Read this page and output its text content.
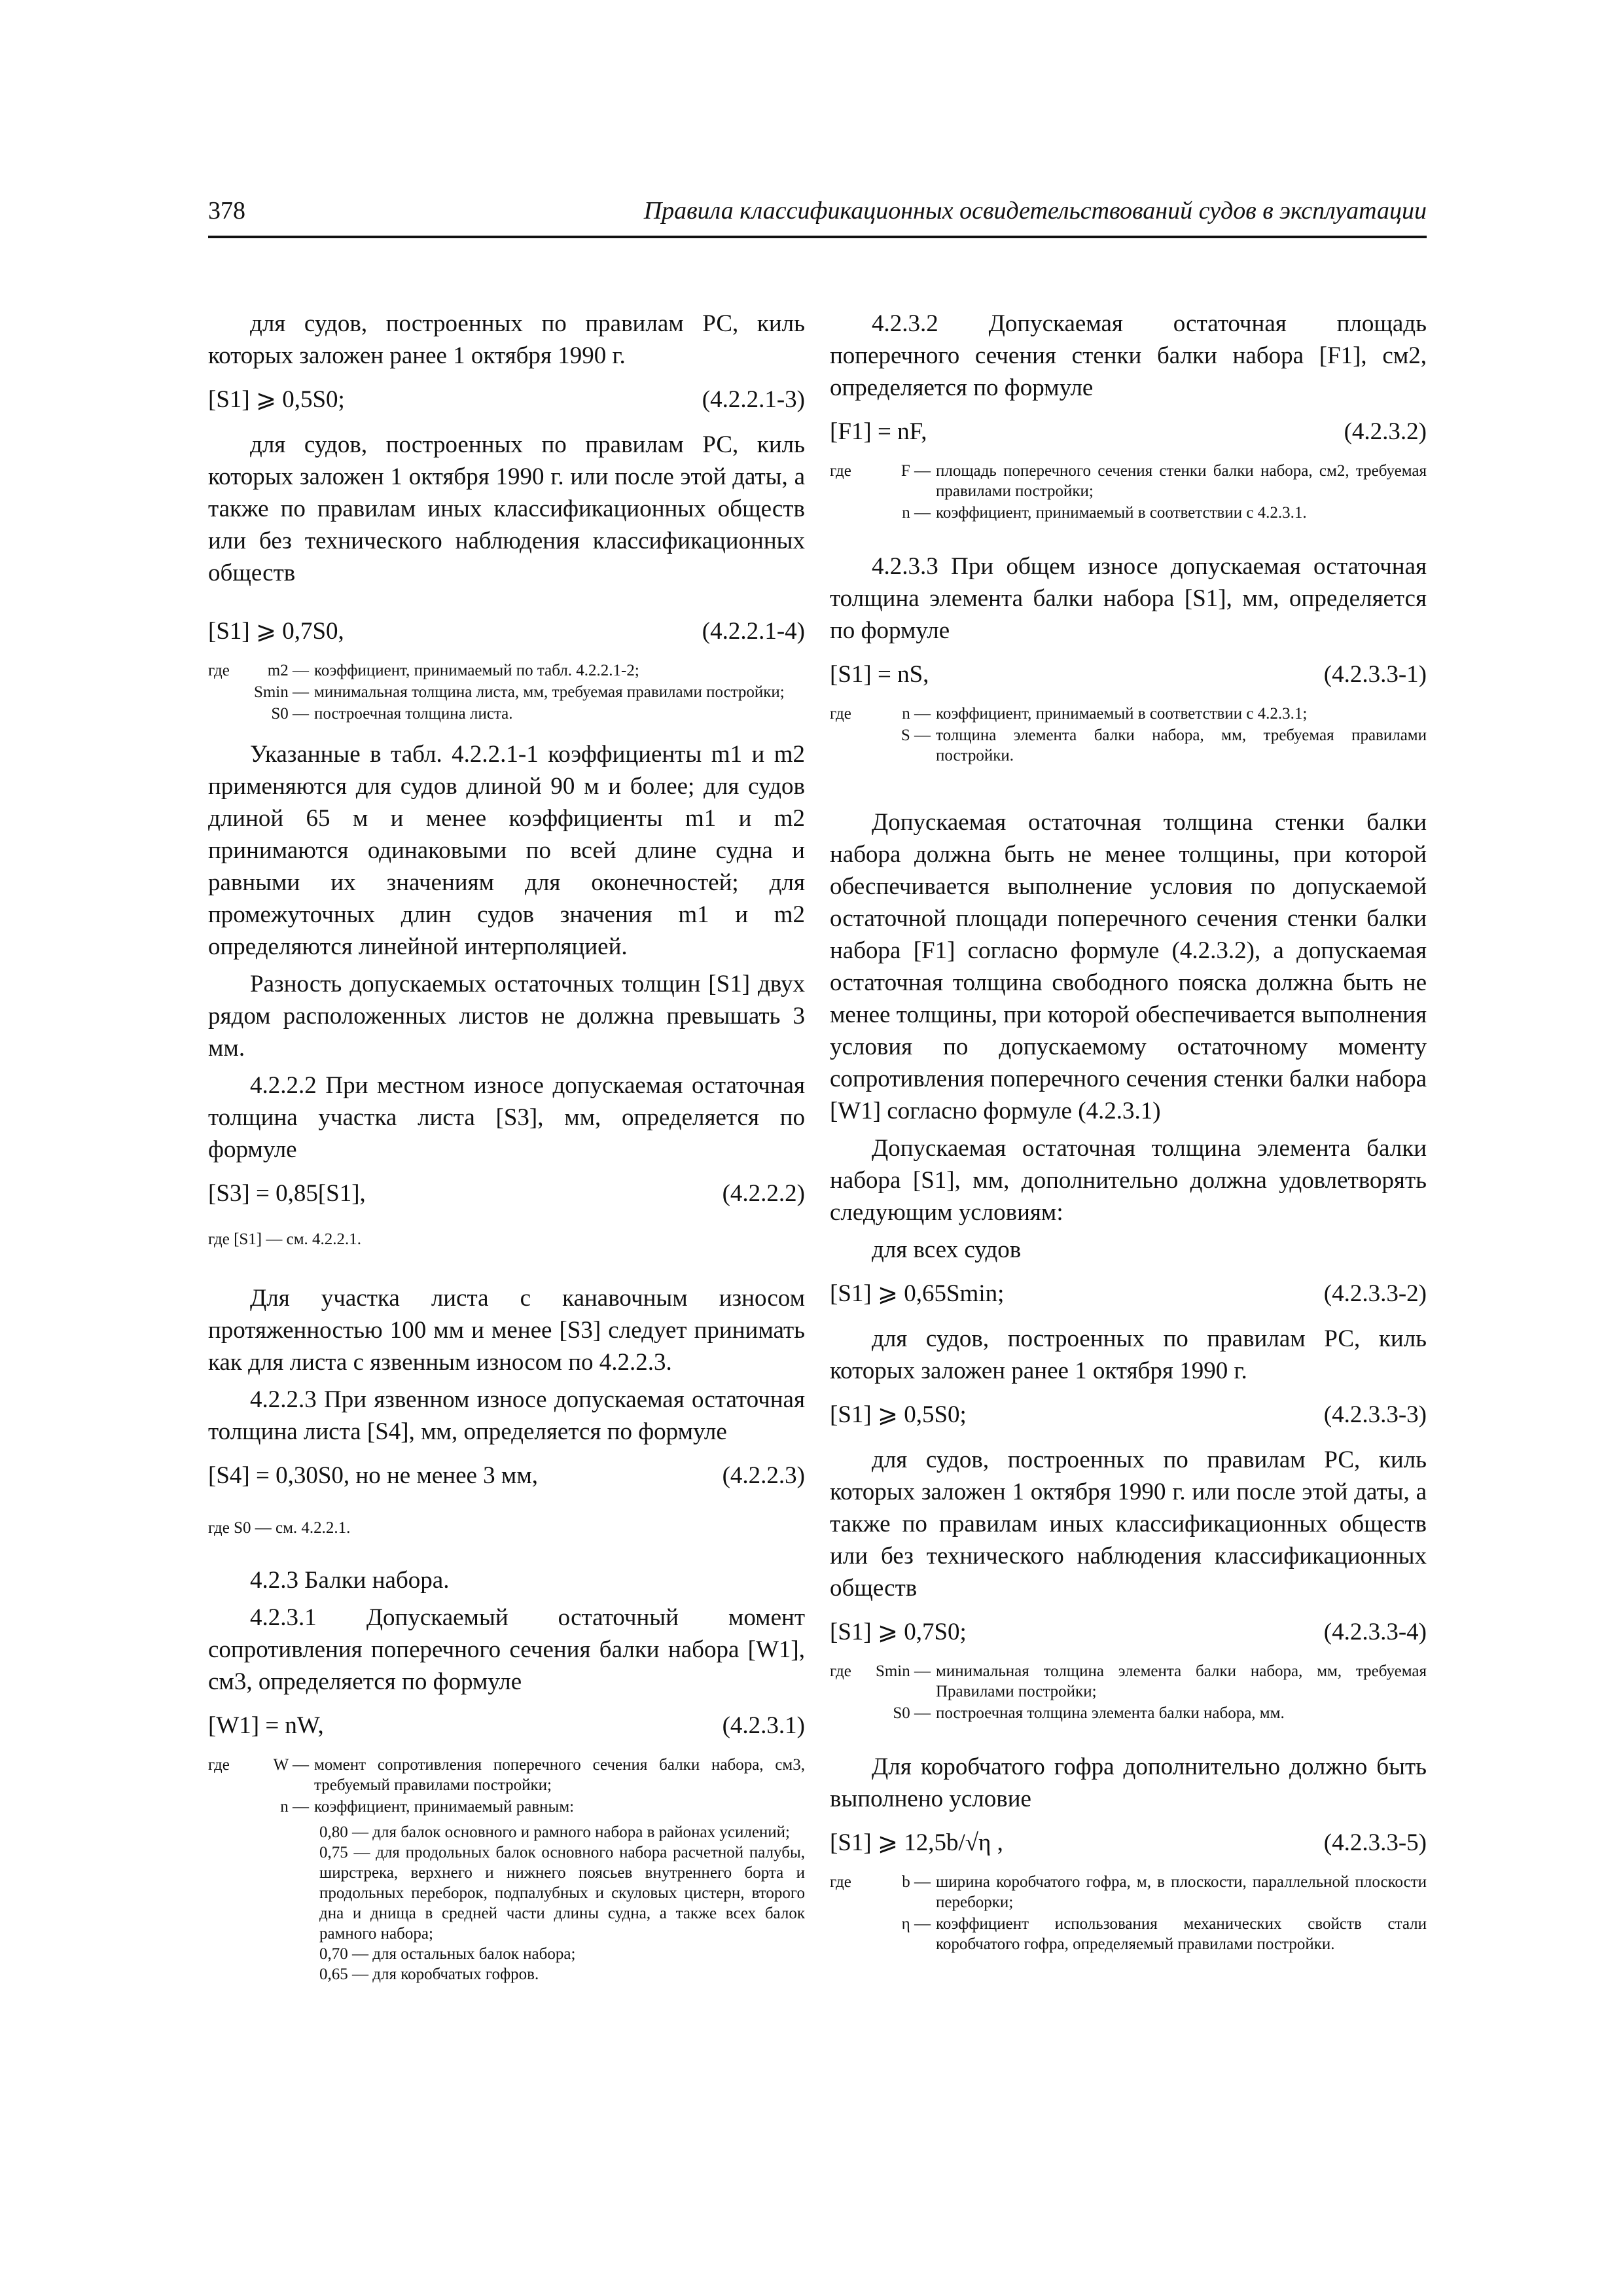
378	Правила классификационных освидетельствований судов в эксплуатации

для судов, построенных по правилам РС, киль которых заложен ранее 1 октября 1990 г.

[S1] ⩾ 0,5S0;	(4.2.2.1-3)

для судов, построенных по правилам РС, киль которых заложен 1 октября 1990 г. или после этой даты, а также по правилам иных классификационных обществ или без технического наблюдения классификационных обществ

[S1] ⩾ 0,7S0,	(4.2.2.1-4)
где	m2 — коэффициент, принимаемый по табл. 4.2.2.1-2;
Smin — минимальная толщина листа, мм, требуемая правилами постройки;
S0 — построечная толщина листа.

Указанные в табл. 4.2.2.1-1 коэффициенты m1 и m2 применяются для судов длиной 90 м и более; для судов длиной 65 м и менее коэффициенты m1 и m2 принимаются одинаковыми по всей длине судна и равными их значениям для оконечностей; для промежуточных длин судов значения m1 и m2 определяются линейной интерполяцией.

Разность допускаемых остаточных толщин [S1] двух рядом расположенных листов не должна превышать 3 мм.

4.2.2.2 При местном износе допускаемая остаточная толщина участка листа [S3], мм, определяется по формуле

[S3] = 0,85[S1],	(4.2.2.2)
где [S1] — см. 4.2.2.1.

Для участка листа с канавочным износом протяженностью 100 мм и менее [S3] следует принимать как для листа с язвенным износом по 4.2.2.3.

4.2.2.3 При язвенном износе допускаемая остаточная толщина листа [S4], мм, определяется по формуле

[S4] = 0,30S0, но не менее 3 мм,	(4.2.2.3)
где S0 — см. 4.2.2.1.

4.2.3 Балки набора.

4.2.3.1 Допускаемый остаточный момент сопротивления поперечного сечения балки набора [W1], см3, определяется по формуле

[W1] = nW,	(4.2.3.1)
где	W — момент сопротивления поперечного сечения балки набора, см3, требуемый правилами постройки;
n — коэффициент, принимаемый равным:
0,80 — для балок основного и рамного набора в районах усилений;
0,75 — для продольных балок основного набора расчетной палубы, ширстрека, верхнего и нижнего поясьев внутреннего борта и продольных переборок, подпалубных и скуловых цистерн, второго дна и днища в средней части длины судна, а также всех балок рамного набора;
0,70 — для остальных балок набора;
0,65 — для коробчатых гофров.

4.2.3.2 Допускаемая остаточная площадь поперечного сечения стенки балки набора [F1], см2, определяется по формуле

[F1] = nF,	(4.2.3.2)
где	F — площадь поперечного сечения стенки балки набора, см2, требуемая правилами постройки;
n — коэффициент, принимаемый в соответствии с 4.2.3.1.

4.2.3.3 При общем износе допускаемая остаточная толщина элемента балки набора [S1], мм, определяется по формуле

[S1] = nS,	(4.2.3.3-1)
где	n — коэффициент, принимаемый в соответствии с 4.2.3.1;
S — толщина элемента балки набора, мм, требуемая правилами постройки.

Допускаемая остаточная толщина стенки балки набора должна быть не менее толщины, при которой обеспечивается выполнение условия по допускаемой остаточной площади поперечного сечения стенки балки набора [F1] согласно формуле (4.2.3.2), а допускаемая остаточная толщина свободного пояска должна быть не менее толщины, при которой обеспечивается выполнения условия по допускаемому остаточному моменту сопротивления поперечного сечения стенки балки набора [W1] согласно формуле (4.2.3.1)

Допускаемая остаточная толщина элемента балки набора [S1], мм, дополнительно должна удовлетворять следующим условиям:

для всех судов

[S1] ⩾ 0,65Smin;	(4.2.3.3-2)

для судов, построенных по правилам РС, киль которых заложен ранее 1 октября 1990 г.

[S1] ⩾ 0,5S0;	(4.2.3.3-3)

для судов, построенных по правилам РС, киль которых заложен 1 октября 1990 г. или после этой даты, а также по правилам иных классификационных обществ или без технического наблюдения классификационных обществ

[S1] ⩾ 0,7S0;	(4.2.3.3-4)
где	Smin — минимальная толщина элемента балки набора, мм, требуемая Правилами постройки;
S0 — построечная толщина элемента балки набора, мм.

Для коробчатого гофра дополнительно должно быть выполнено условие

[S1] ⩾ 12,5b/√η ,	(4.2.3.3-5)
где	b — ширина коробчатого гофра, м, в плоскости, параллельной плоскости переборки;
η — коэффициент использования механических свойств стали коробчатого гофра, определяемый правилами постройки.
